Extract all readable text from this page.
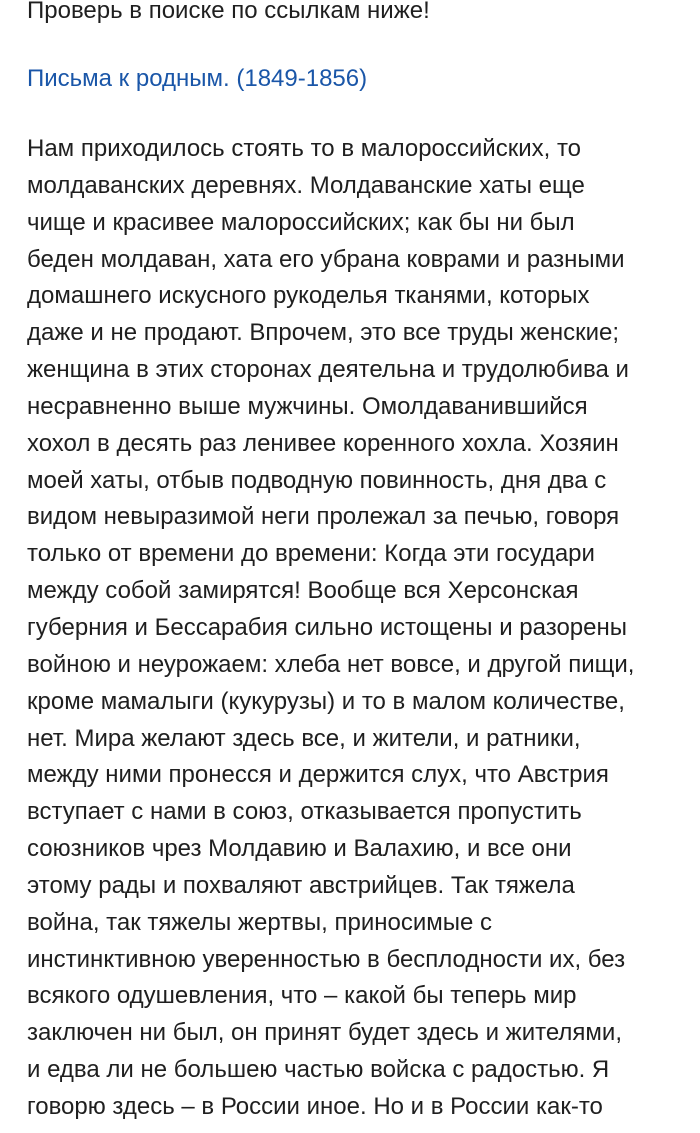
Проверь в поиске по ссылкам ниже!
Письма к родным. (1849-1856)
Нам приходилось стоять то в малороссийских, то
молдаванских деревнях. Молдаванские хаты еще
чище и красивее малороссийских; как бы ни был
беден молдаван, хата его убрана коврами и разными
домашнего искусного рукоделья тканями, которых
даже и не продают. Впрочем, это все труды женские;
женщина в этих сторонах деятельна и трудолюбива и
несравненно выше мужчины. Омолдаванившийся
хохол в десять раз ленивее коренного хохла. Хозяин
моей хаты, отбыв подводную повинность, дня два с
видом невыразимой неги пролежал за печью, говоря
только от времени до времени: Когда эти государи
между собой замирятся! Вообще вся Херсонская
губерния и Бессарабия сильно истощены и разорены
войною и неурожаем: хлеба нет вовсе, и другой пищи,
кроме мамалыги (кукурузы) и то в малом количестве,
нет. Мира желают здесь все, и жители, и ратники,
между ними пронесся и держится слух, что Австрия
вступает с нами в союз, отказывается пропустить
союзников чрез Молдавию и Валахию, и все они
этому рады и похваляют австрийцев. Так тяжела
война, так тяжелы жертвы, приносимые с
инстинктивною уверенностью в бесплодности их, без
всякого одушевления, что – какой бы теперь мир
заключен ни был, он принят будет здесь и жителями,
и едва ли не большею частью войска с радостью. Я
говорю здесь – в России иное. Но и в России как-то
